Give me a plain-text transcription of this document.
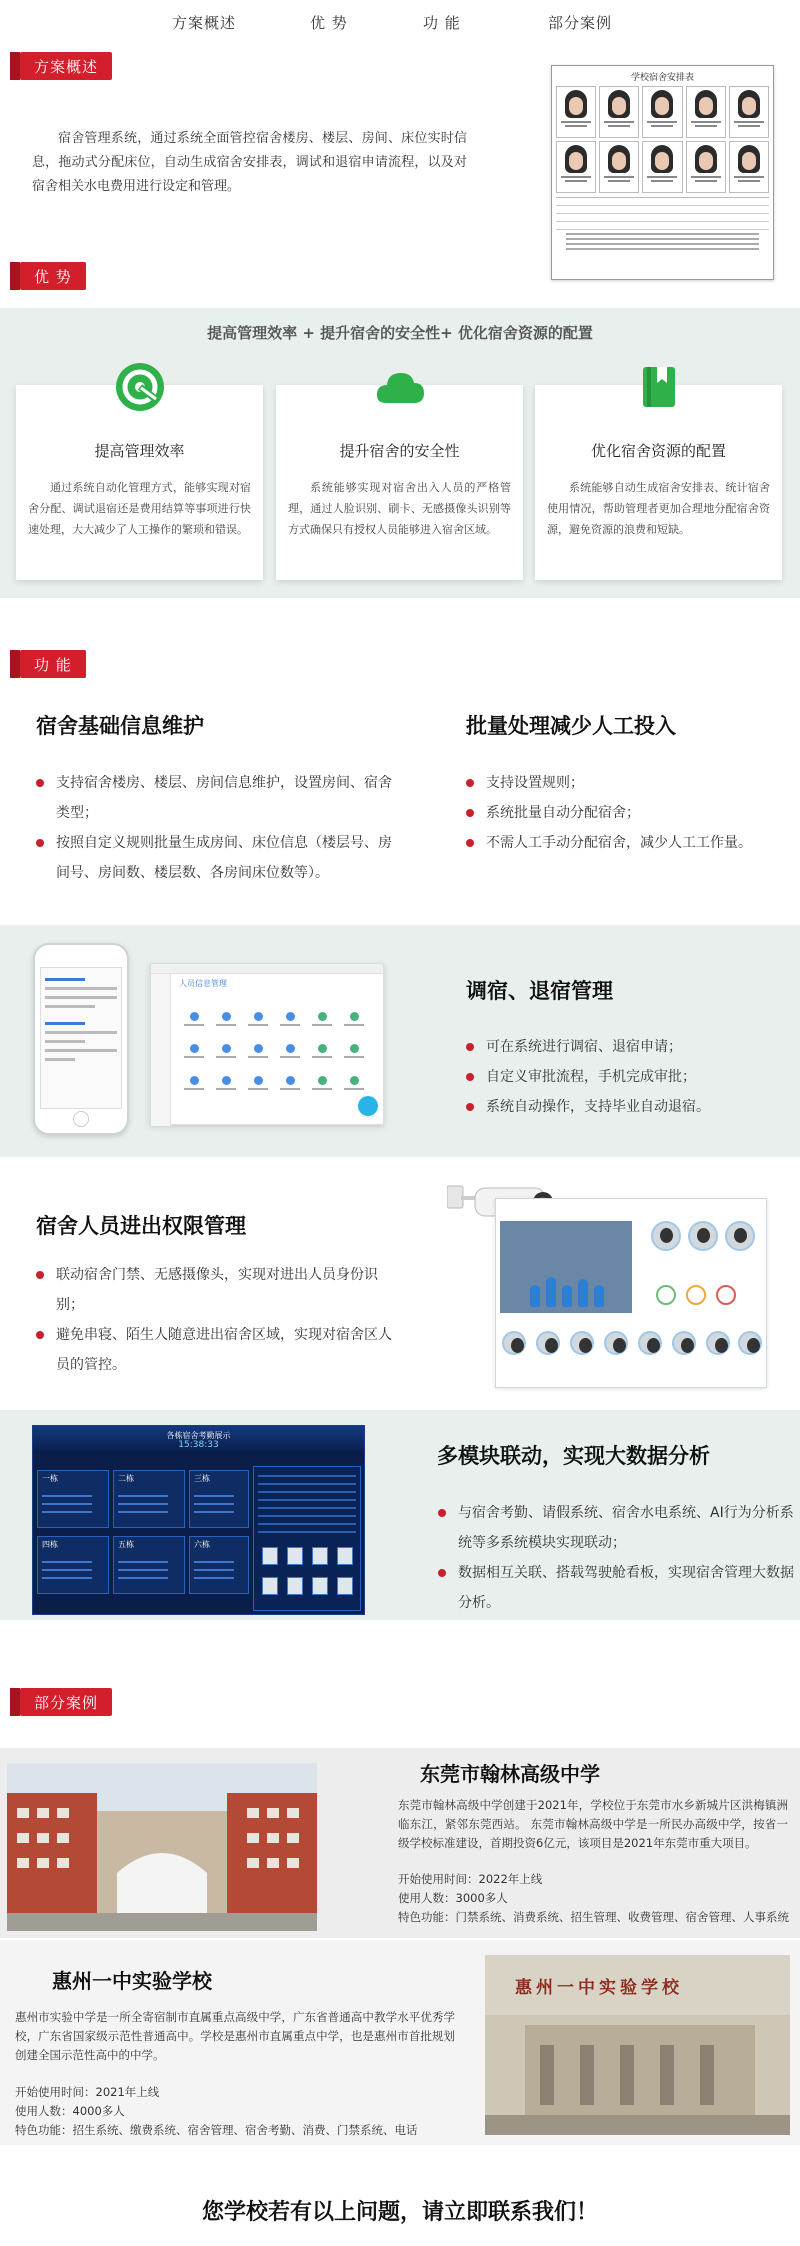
方案概述	优 势	功 能	部分案例
方案概述

宿舍管理系统，通过系统全面管控宿舍楼房、楼层、房间、床位实时信息，拖动式分配床位，自动生成宿舍安排表，调试和退宿申请流程，以及对宿舍相关水电费用进行设定和管理。

学校宿舍安排表
优 势
提高管理效率 + 提升宿舍的安全性+ 优化宿舍资源的配置
提高管理效率
通过系统自动化管理方式，能够实现对宿舍分配、调试退宿还是费用结算等事项进行快速处理，大大减少了人工操作的繁琐和错误。
提升宿舍的安全性
系统能够实现对宿舍出入人员的严格管理，通过人脸识别、刷卡、无感摄像头识别等方式确保只有授权人员能够进入宿舍区域。
优化宿舍资源的配置
系统能够自动生成宿舍安排表、统计宿舍使用情况，帮助管理者更加合理地分配宿舍资源，避免资源的浪费和短缺。
功 能
宿舍基础信息维护
支持宿舍楼房、楼层、房间信息维护，设置房间、宿舍类型；
按照自定义规则批量生成房间、床位信息（楼层号、房间号、房间数、楼层数、各房间床位数等）。
批量处理减少人工投入
支持设置规则；
系统批量自动分配宿舍；
不需人工手动分配宿舍，减少人工工作量。
人员信息管理	调宿、退宿管理
可在系统进行调宿、退宿申请；
自定义审批流程，手机完成审批；
系统自动操作，支持毕业自动退宿。
宿舍人员进出权限管理
联动宿舍门禁、无感摄像头，实现对进出人员身份识别；
避免串寝、陌生人随意进出宿舍区域，实现对宿舍区人员的管控。
各栋宿舍考勤展示
15:38:33
一栋	二栋	三栋
四栋	五栋	六栋
多模块联动，实现大数据分析
与宿舍考勤、请假系统、宿舍水电系统、AI行为分析系统等多系统模块实现联动；
数据相互关联、搭载驾驶舱看板，实现宿舍管理大数据分析。
部分案例
东莞市翰林高级中学

东莞市翰林高级中学创建于2021年，学校位于东莞市水乡新城片区洪梅镇洲临东江，紧邻东莞西站。 东莞市翰林高级中学是一所民办高级中学，按省一级学校标准建设，首期投资6亿元，该项目是2021年东莞市重大项目。

开始使用时间：2022年上线
使用人数：3000多人
特色功能：门禁系统、消费系统、招生管理、收费管理、宿舍管理、人事系统
惠州一中实验学校

惠州市实验中学是一所全寄宿制市直属重点高级中学，广东省普通高中教学水平优秀学校，广东省国家级示范性普通高中。学校是惠州市直属重点中学，也是惠州市首批规划创建全国示范性高中的中学。

开始使用时间：2021年上线
使用人数：4000多人
特色功能：招生系统、缴费系统、宿舍管理、宿舍考勤、消费、门禁系统、电话
惠州一中实验学校
您学校若有以上问题，请立即联系我们！
